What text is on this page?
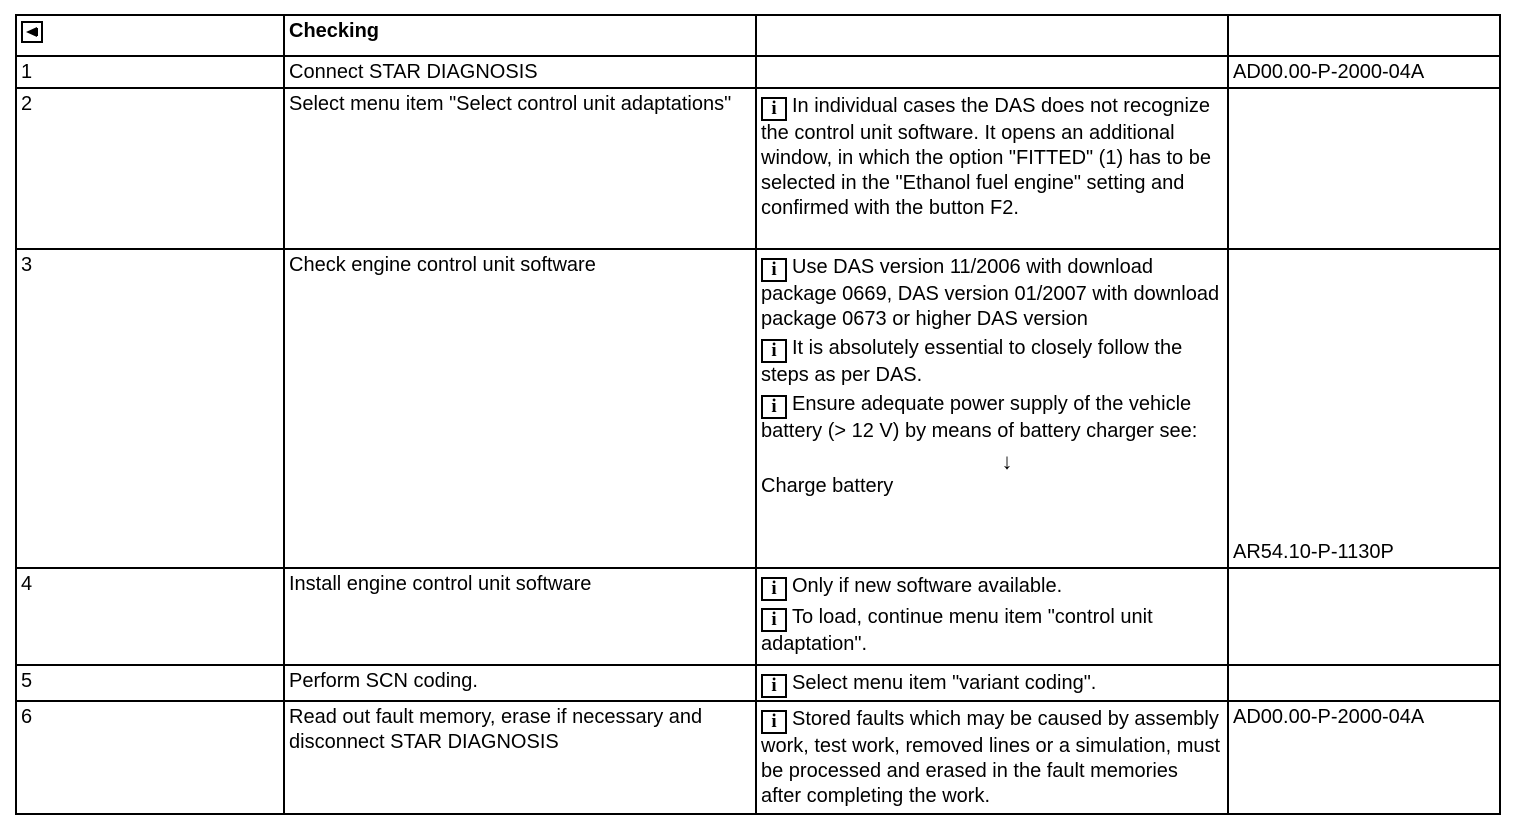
	Checking		
1	Connect STAR DIAGNOSIS		AD00.00-P-2000-04A
2	Select menu item "Select control unit adaptations"	i In individual cases the DAS does not recognize the control unit software. It opens an additional window, in which the option "FITTED" (1) has to be selected in the "Ethanol fuel engine" setting and confirmed with the button F2.	

3	Check engine control unit software	i Use DAS version 11/2006 with download package 0669, DAS version 01/2007 with download package 0673 or higher DAS version
i It is absolutely essential to closely follow the steps as per DAS.
i Ensure adequate power supply of the vehicle battery (> 12 V) by means of battery charger see:
↓
Charge battery	AR54.10-P-1130P
4	Install engine control unit software	i Only if new software available.
i To load, continue menu item "control unit adaptation".	

5	Perform SCN coding.	i Select menu item "variant coding".	

6	Read out fault memory, erase if necessary and disconnect STAR DIAGNOSIS	i Stored faults which may be caused by assembly work, test work, removed lines or a simulation, must be processed and erased in the fault memories after completing the work.	AD00.00-P-2000-04A
